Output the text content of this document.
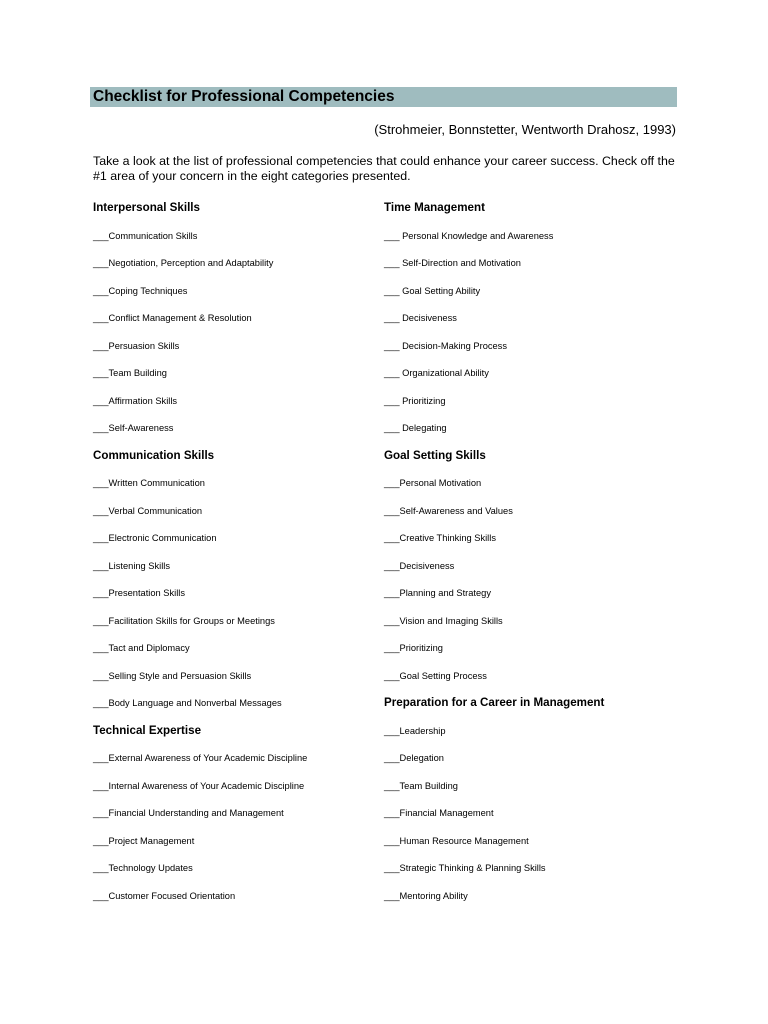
Checklist for Professional Competencies
(Strohmeier, Bonnstetter, Wentworth Drahosz, 1993)
Take a look at the list of professional competencies that could enhance your career success. Check off the #1 area of your concern in the eight categories presented.
Interpersonal Skills
___Communication Skills
___Negotiation, Perception and Adaptability
___Coping Techniques
___Conflict Management & Resolution
___Persuasion Skills
___Team Building
___Affirmation Skills
___Self-Awareness
Communication Skills
___Written Communication
___Verbal Communication
___Electronic Communication
___Listening Skills
___Presentation Skills
___Facilitation Skills for Groups or Meetings
___Tact and Diplomacy
___Selling Style and Persuasion Skills
___Body Language and Nonverbal Messages
Technical Expertise
___External Awareness of Your Academic Discipline
___Internal Awareness of Your Academic Discipline
___Financial Understanding and Management
___Project Management
___Technology Updates
___Customer Focused Orientation
Time Management
___ Personal Knowledge and Awareness
___ Self-Direction and Motivation
___ Goal Setting Ability
___ Decisiveness
___ Decision-Making Process
___ Organizational Ability
___ Prioritizing
___ Delegating
Goal Setting Skills
___Personal Motivation
___Self-Awareness and Values
___Creative Thinking Skills
___Decisiveness
___Planning and Strategy
___Vision and Imaging Skills
___Prioritizing
___Goal Setting Process
Preparation for a Career in Management
___Leadership
___Delegation
___Team Building
___Financial Management
___Human Resource Management
___Strategic Thinking & Planning Skills
___Mentoring Ability
